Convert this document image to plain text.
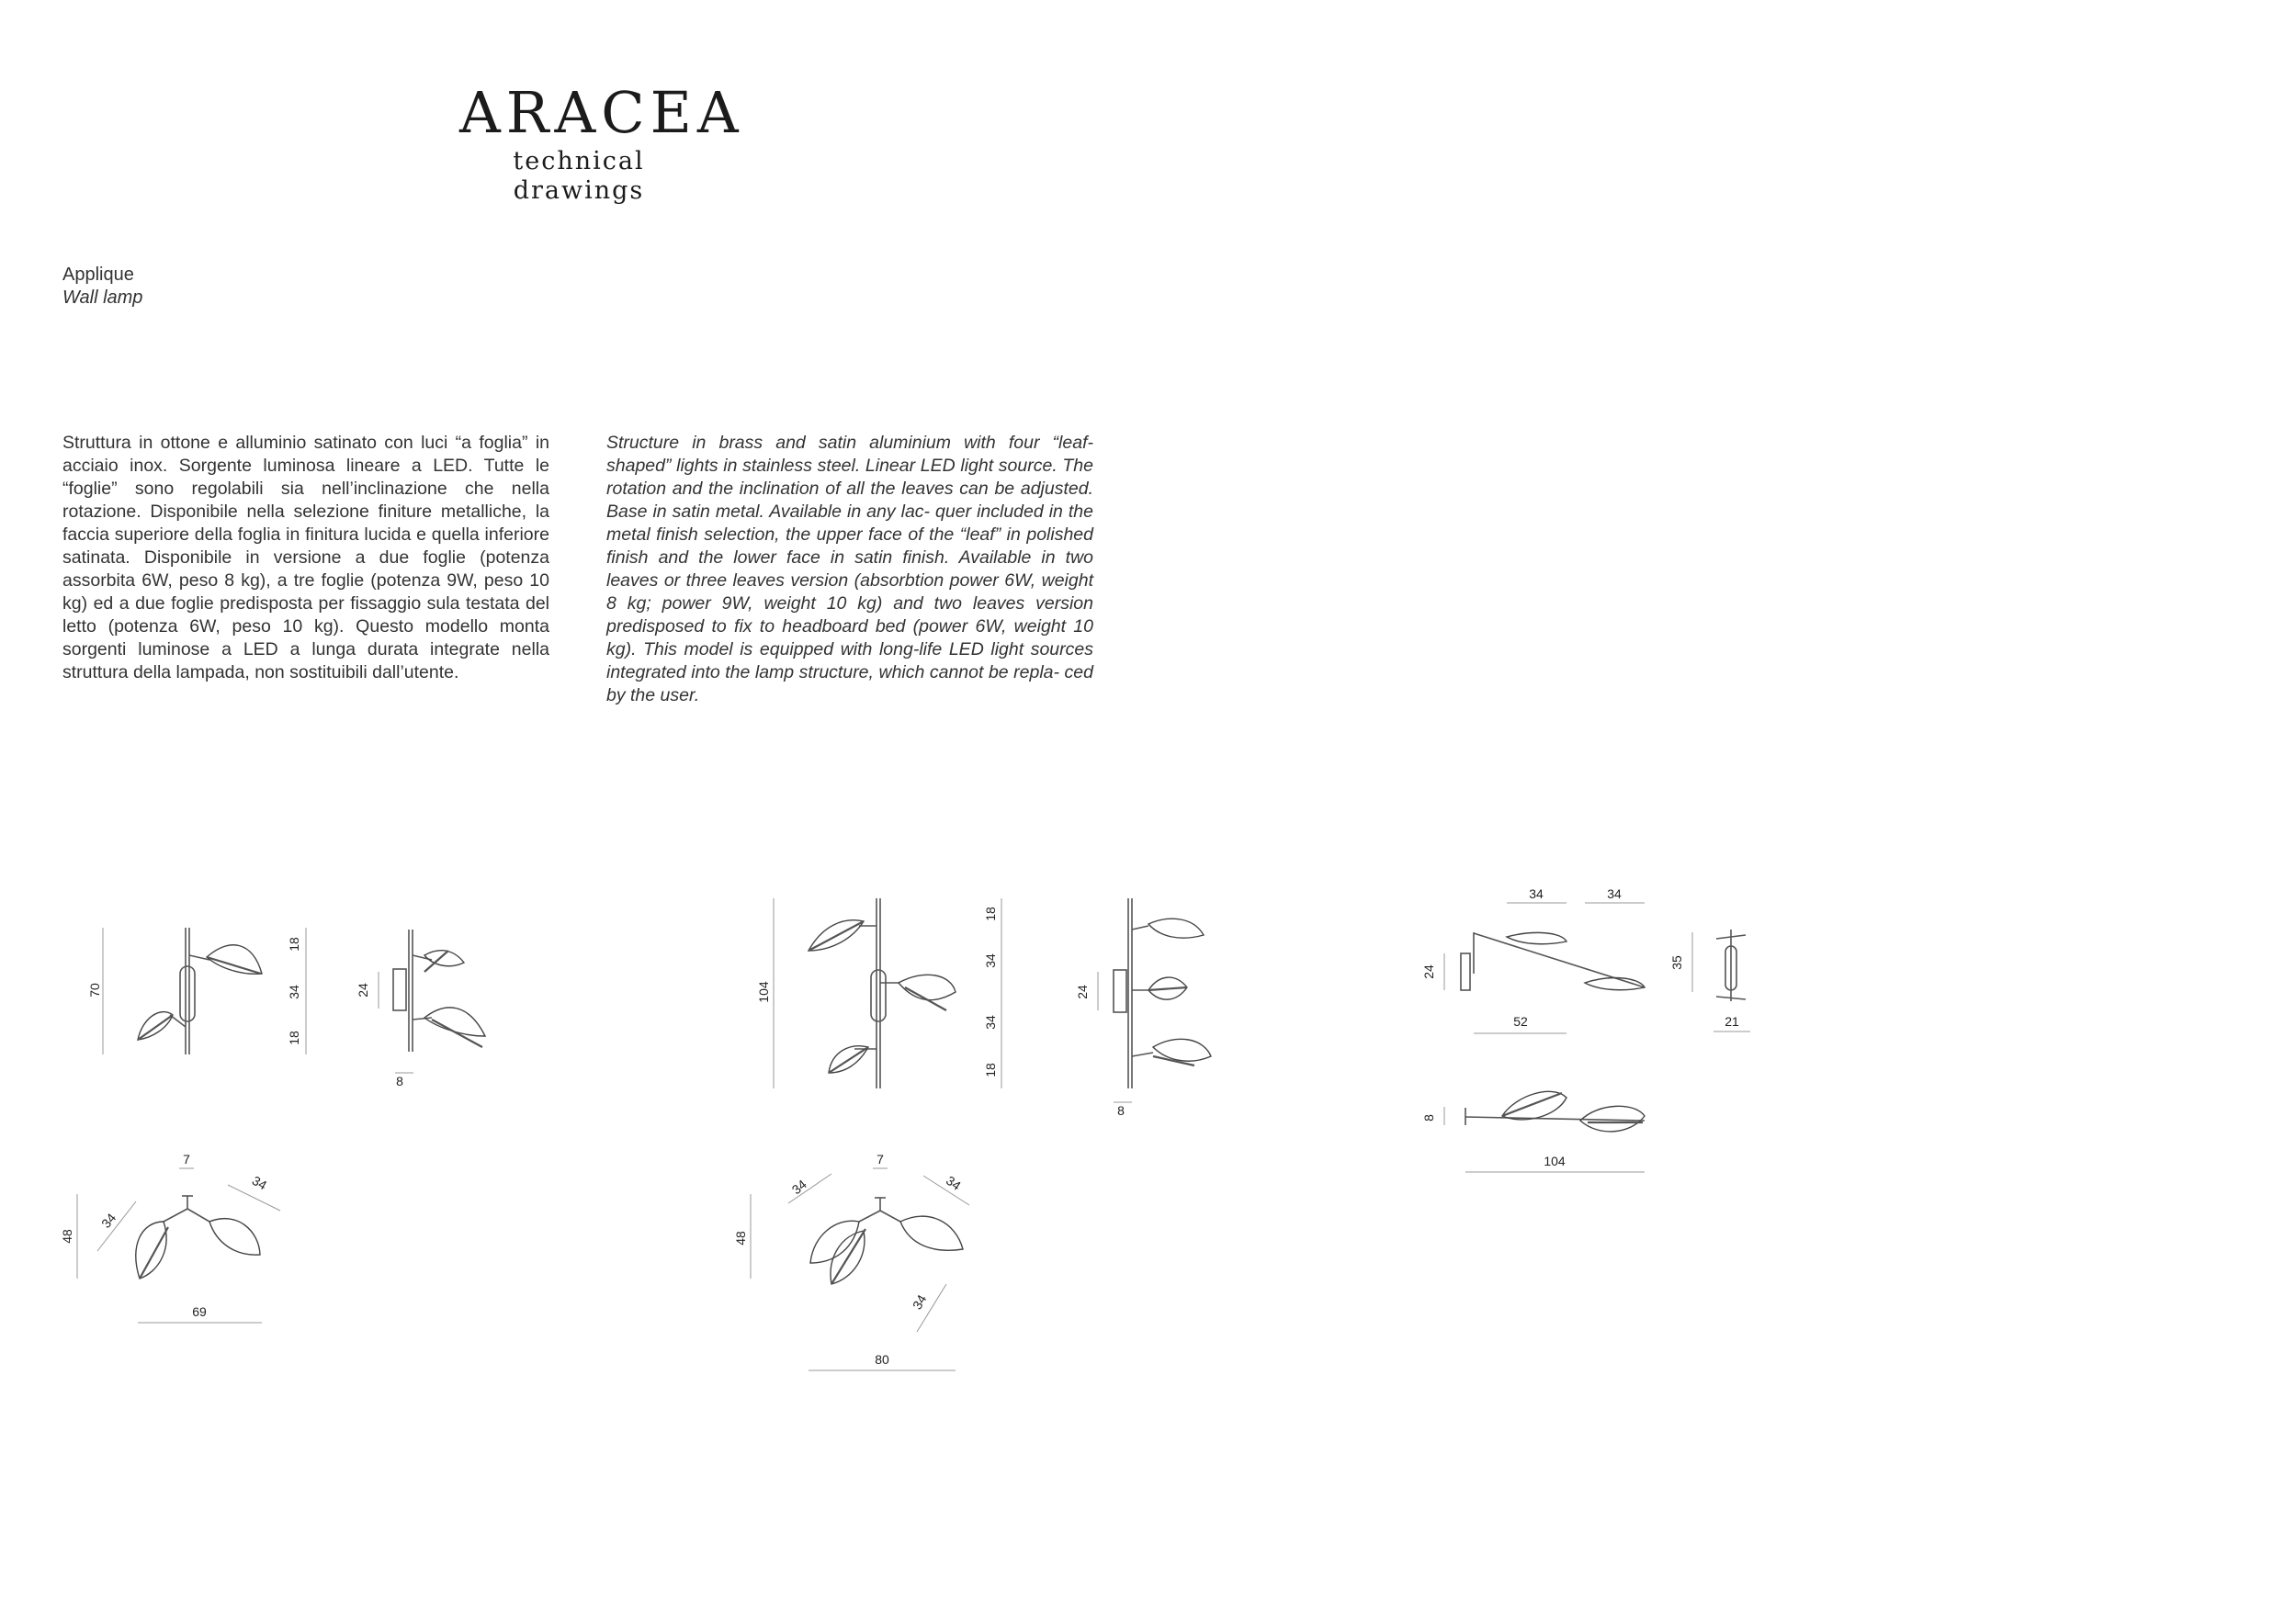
ARACEA
technical drawings
Applique
Wall lamp
Struttura in ottone e alluminio satinato con luci “a foglia” in acciaio inox. Sorgente luminosa lineare a LED. Tutte le “foglie” sono regolabili sia nell’inclinazione che nella rotazione. Disponibile nella selezione finiture metalliche, la faccia superiore della foglia in finitura lucida e quella inferiore satinata. Disponibile in versione a due foglie (potenza assorbita 6W, peso 8 kg), a tre foglie (potenza 9W, peso 10 kg) ed a due foglie predisposta per fissaggio sula testata del letto (potenza 6W, peso 10 kg). Questo modello monta sorgenti luminose a LED a lunga durata integrate nella struttura della lampada, non sostituibili dall’utente.
Structure in brass and satin aluminium with four “leaf-shaped” lights in stainless steel. Linear LED light source. The rotation and the inclination of all the leaves can be adjusted. Base in satin metal. Available in any lac- quer included in the metal finish selection, the upper face of the “leaf” in polished finish and the lower face in satin finish. Available in two leaves or three leaves version (absorbtion power 6W, weight 8 kg; power 9W, weight 10 kg) and two leaves version predisposed to fix to headboard bed (power 6W, weight 10 kg). This model is equipped with long-life LED light sources integrated into the lamp structure, which cannot be repla- ced by the user.
70
18
34
18
24
8
7
34
34
48
69
104
18
34
34
18
24
8
7
34	34
34
48
80
34	34
24
52
35
21
8
104
